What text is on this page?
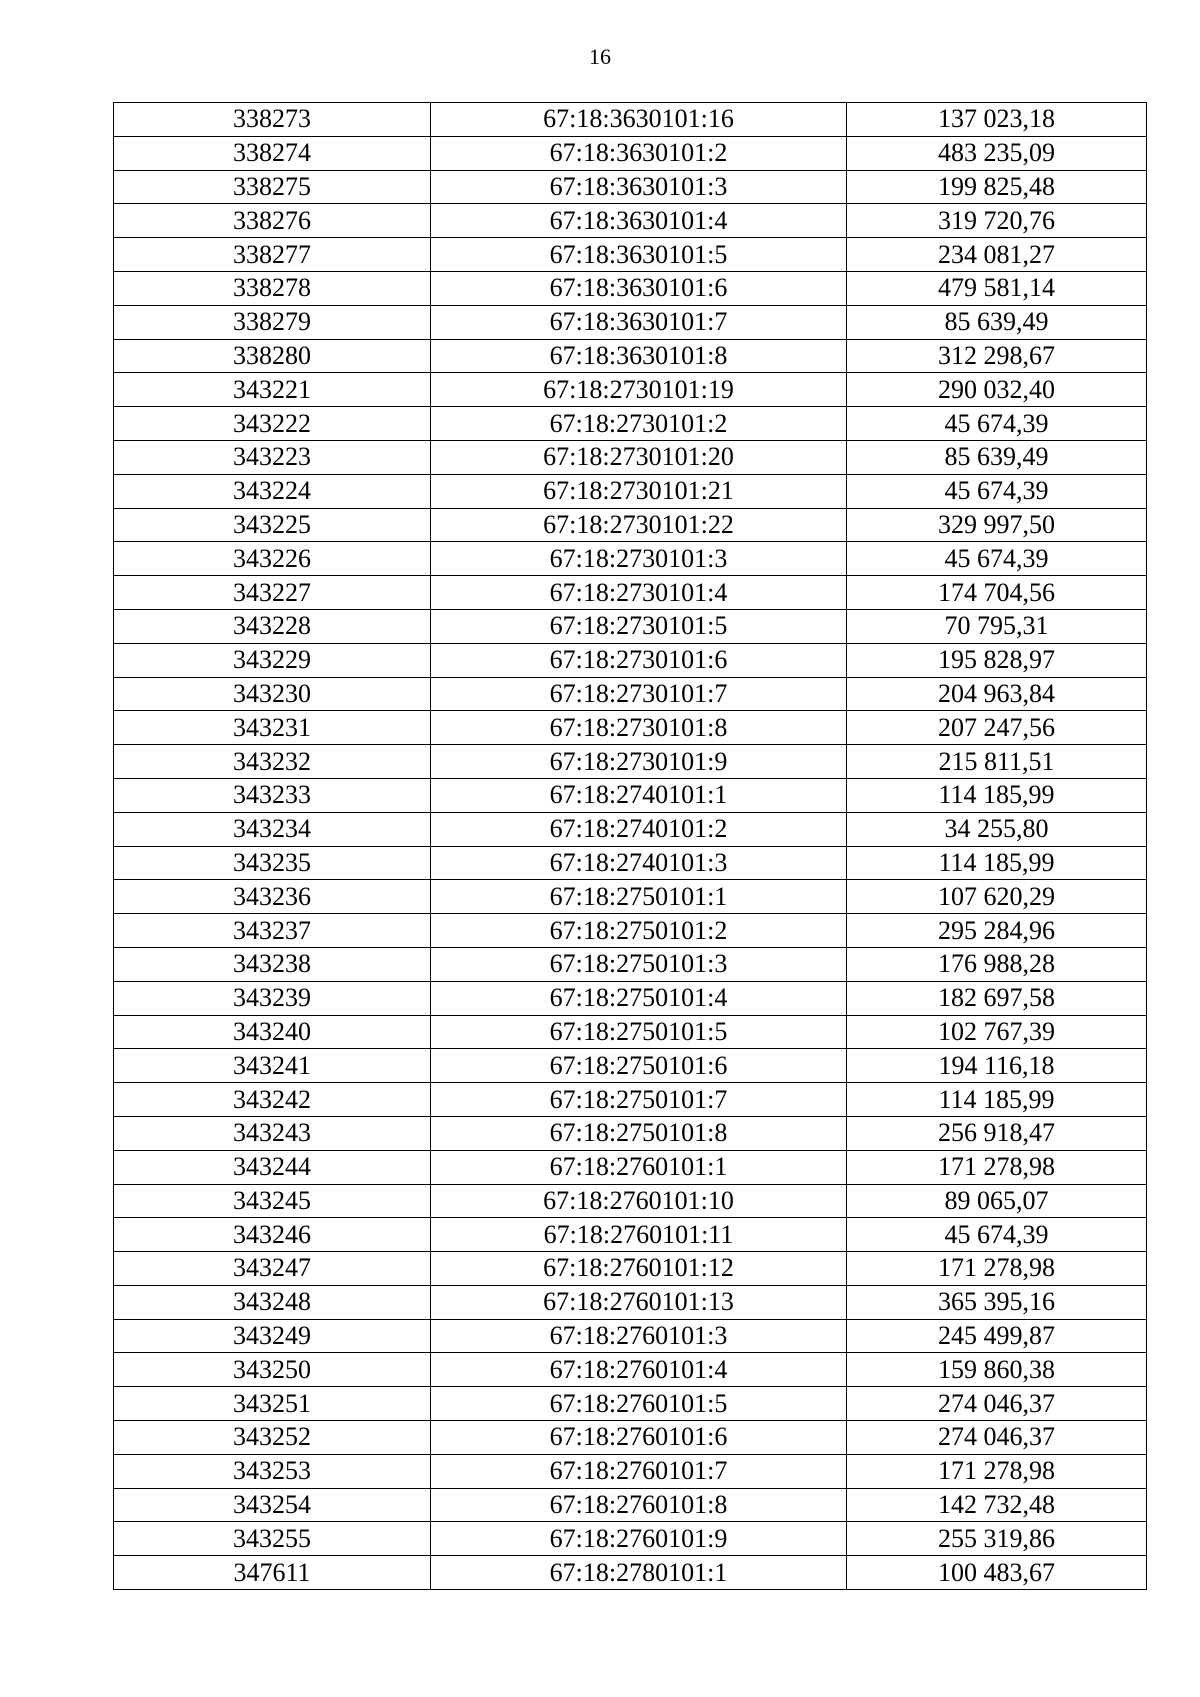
16
338273	67:18:3630101:16	137 023,18
338274	67:18:3630101:2	483 235,09
338275	67:18:3630101:3	199 825,48
338276	67:18:3630101:4	319 720,76
338277	67:18:3630101:5	234 081,27
338278	67:18:3630101:6	479 581,14
338279	67:18:3630101:7	85 639,49
338280	67:18:3630101:8	312 298,67
343221	67:18:2730101:19	290 032,40
343222	67:18:2730101:2	45 674,39
343223	67:18:2730101:20	85 639,49
343224	67:18:2730101:21	45 674,39
343225	67:18:2730101:22	329 997,50
343226	67:18:2730101:3	45 674,39
343227	67:18:2730101:4	174 704,56
343228	67:18:2730101:5	70 795,31
343229	67:18:2730101:6	195 828,97
343230	67:18:2730101:7	204 963,84
343231	67:18:2730101:8	207 247,56
343232	67:18:2730101:9	215 811,51
343233	67:18:2740101:1	114 185,99
343234	67:18:2740101:2	34 255,80
343235	67:18:2740101:3	114 185,99
343236	67:18:2750101:1	107 620,29
343237	67:18:2750101:2	295 284,96
343238	67:18:2750101:3	176 988,28
343239	67:18:2750101:4	182 697,58
343240	67:18:2750101:5	102 767,39
343241	67:18:2750101:6	194 116,18
343242	67:18:2750101:7	114 185,99
343243	67:18:2750101:8	256 918,47
343244	67:18:2760101:1	171 278,98
343245	67:18:2760101:10	89 065,07
343246	67:18:2760101:11	45 674,39
343247	67:18:2760101:12	171 278,98
343248	67:18:2760101:13	365 395,16
343249	67:18:2760101:3	245 499,87
343250	67:18:2760101:4	159 860,38
343251	67:18:2760101:5	274 046,37
343252	67:18:2760101:6	274 046,37
343253	67:18:2760101:7	171 278,98
343254	67:18:2760101:8	142 732,48
343255	67:18:2760101:9	255 319,86
347611	67:18:2780101:1	100 483,67
